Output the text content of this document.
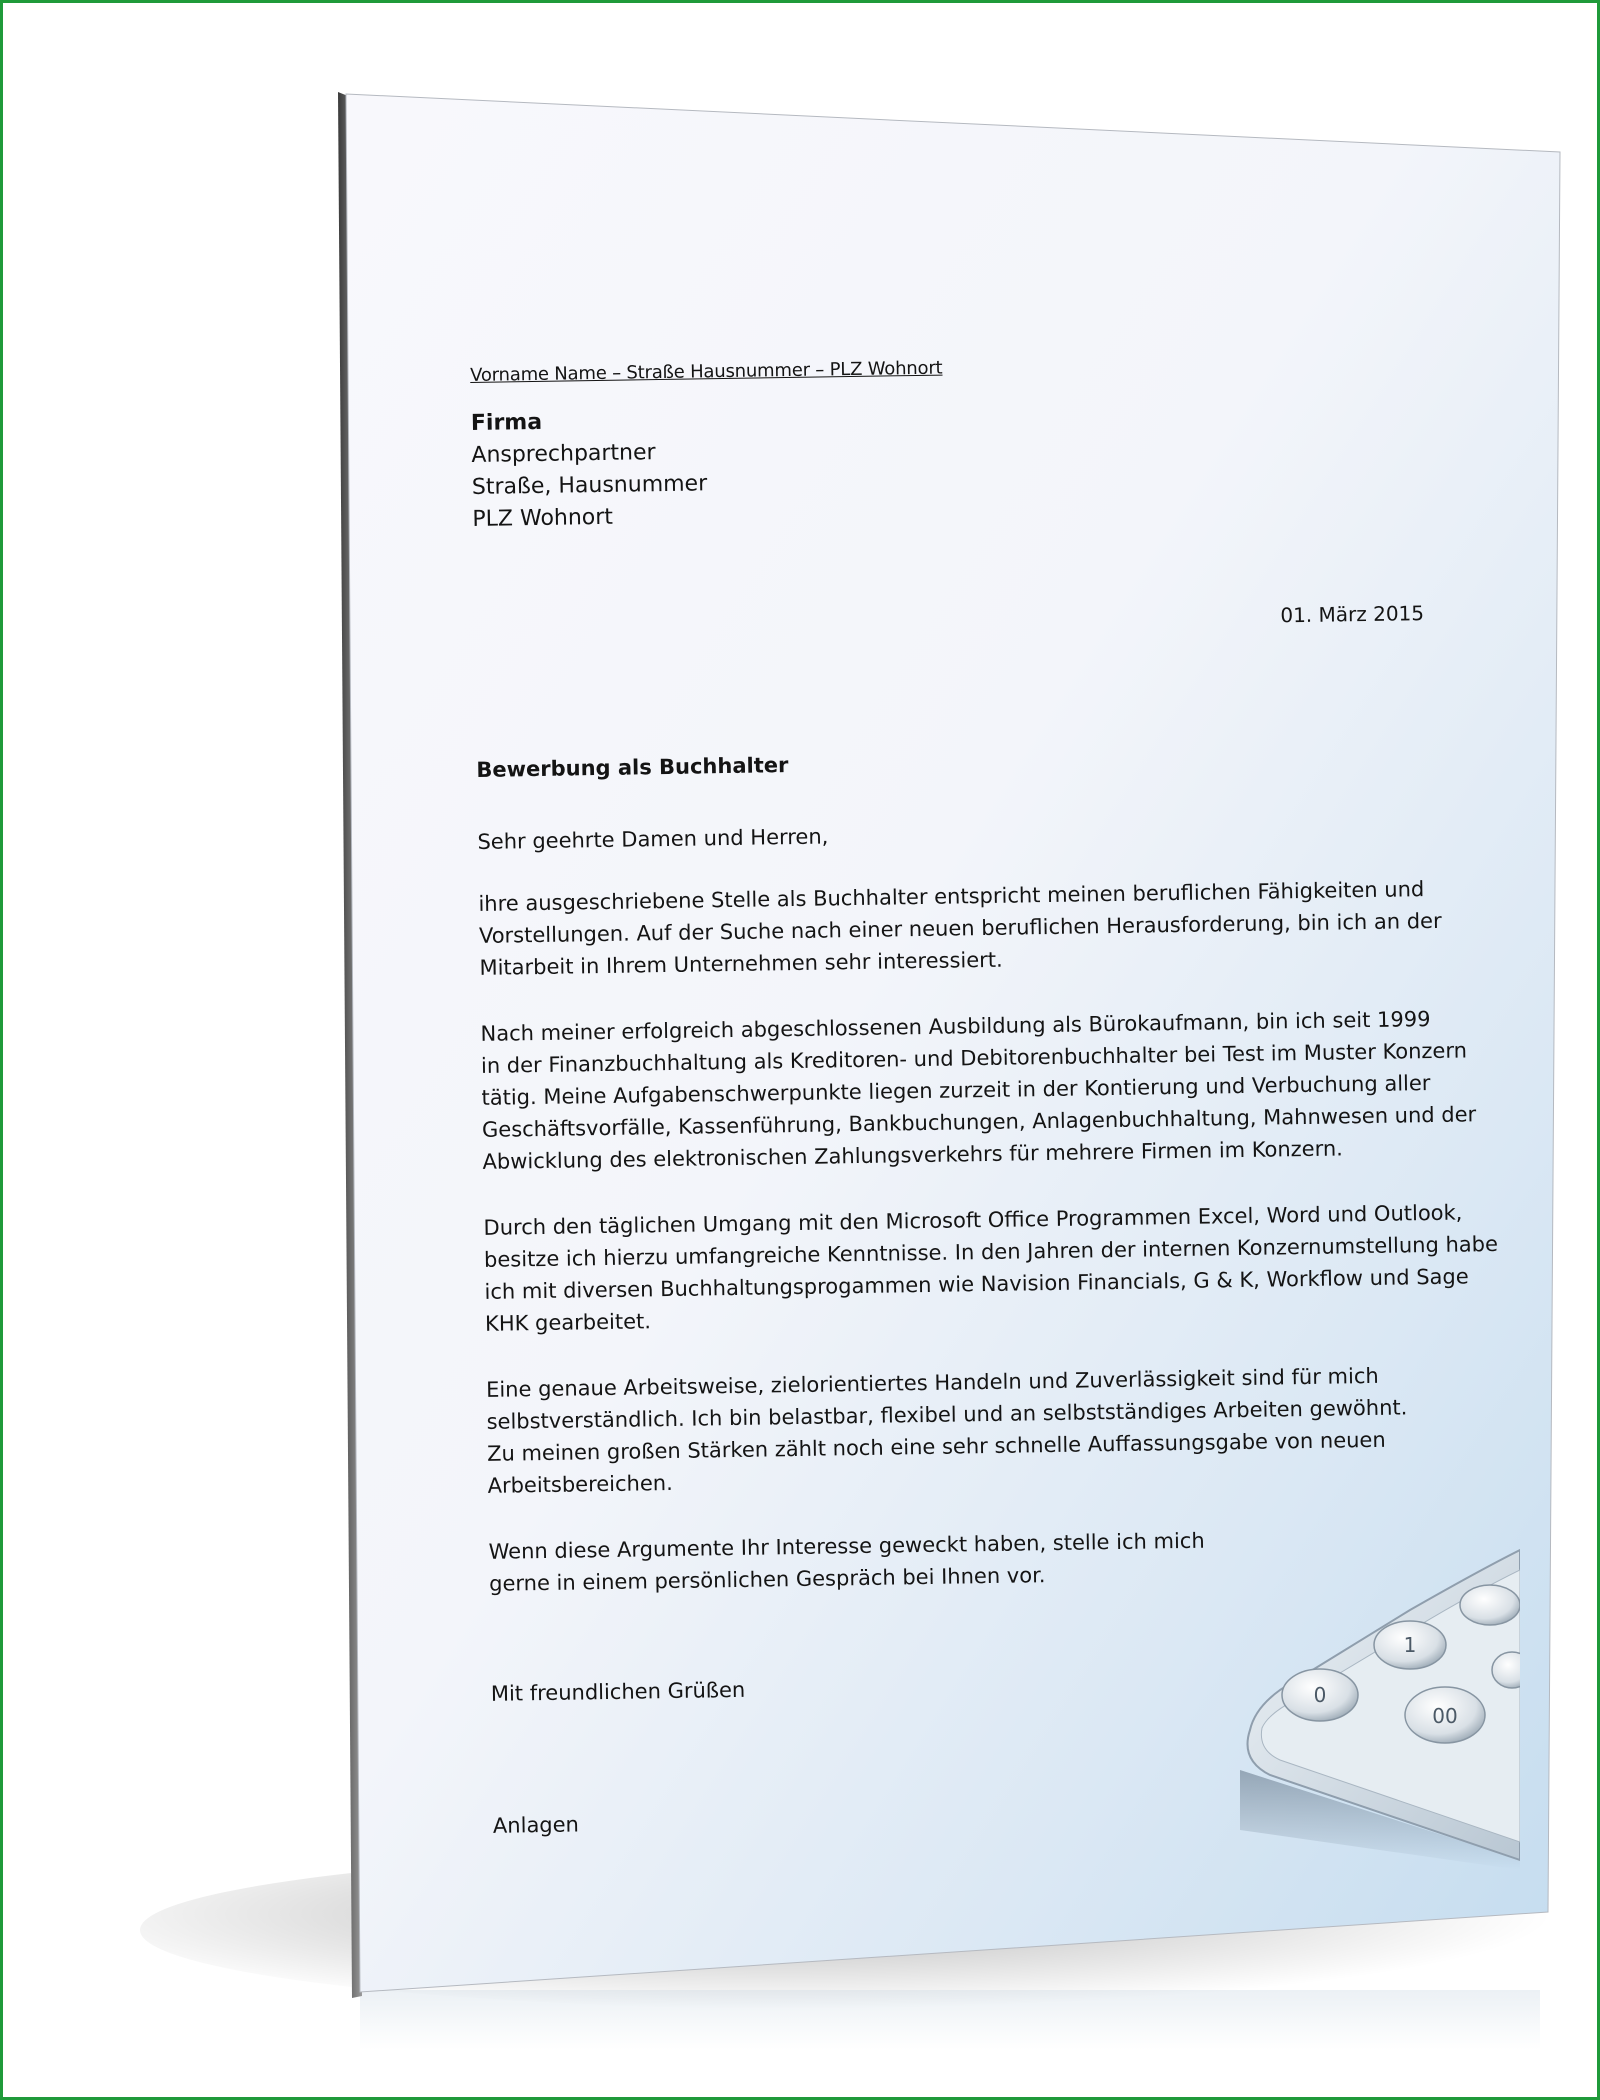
Vorname Name – Straße Hausnummer – PLZ Wohnort

Firma
Ansprechpartner
Straße, Hausnummer
PLZ Wohnort
01. März 2015
Bewerbung als Buchhalter
Sehr geehrte Damen und Herren,
ihre ausgeschriebene Stelle als Buchhalter entspricht meinen beruflichen Fähigkeiten und
Vorstellungen. Auf der Suche nach einer neuen beruflichen Herausforderung, bin ich an der
Mitarbeit in Ihrem Unternehmen sehr interessiert.
Nach meiner erfolgreich abgeschlossenen Ausbildung als Bürokaufmann, bin ich seit 1999
in der Finanzbuchhaltung als Kreditoren- und Debitorenbuchhalter bei Test im Muster Konzern
tätig. Meine Aufgabenschwerpunkte liegen zurzeit in der Kontierung und Verbuchung aller
Geschäftsvorfälle, Kassenführung, Bankbuchungen, Anlagenbuchhaltung, Mahnwesen und der
Abwicklung des elektronischen Zahlungsverkehrs für mehrere Firmen im Konzern.
Durch den täglichen Umgang mit den Microsoft Office Programmen Excel, Word und Outlook,
besitze ich hierzu umfangreiche Kenntnisse. In den Jahren der internen Konzernumstellung habe
ich mit diversen Buchhaltungsprogammen wie Navision Financials, G & K, Workflow und Sage
KHK gearbeitet.
Eine genaue Arbeitsweise, zielorientiertes Handeln und Zuverlässigkeit sind für mich
selbstverständlich. Ich bin belastbar, flexibel und an selbstständiges Arbeiten gewöhnt.
Zu meinen großen Stärken zählt noch eine sehr schnelle Auffassungsgabe von neuen
Arbeitsbereichen.
Wenn diese Argumente Ihr Interesse geweckt haben, stelle ich mich
gerne in einem persönlichen Gespräch bei Ihnen vor.
Mit freundlichen Grüßen
Anlagen
0
1
00
